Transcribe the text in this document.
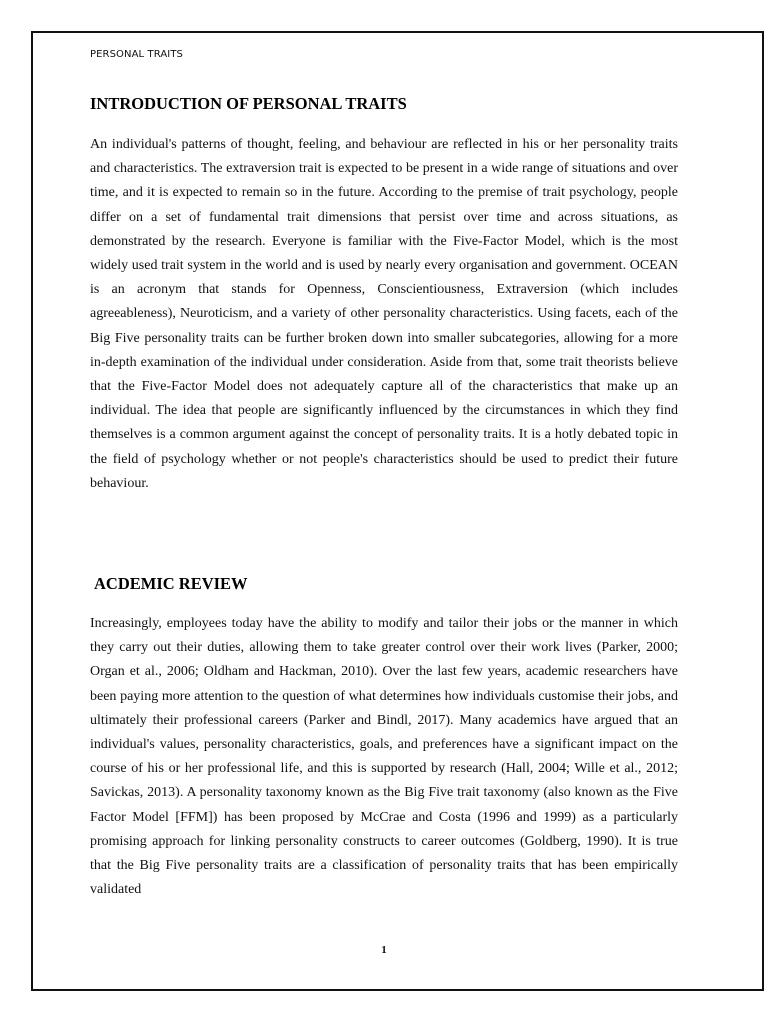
PERSONAL TRAITS
INTRODUCTION OF PERSONAL TRAITS

An individual's patterns of thought, feeling, and behaviour are reflected in his or her personality traits and characteristics. The extraversion trait is expected to be present in a wide range of situations and over time, and it is expected to remain so in the future. According to the premise of trait psychology, people differ on a set of fundamental trait dimensions that persist over time and across situations, as demonstrated by the research. Everyone is familiar with the Five-Factor Model, which is the most widely used trait system in the world and is used by nearly every organisation and government. OCEAN is an acronym that stands for Openness, Conscientiousness, Extraversion (which includes agreeableness), Neuroticism, and a variety of other personality characteristics. Using facets, each of the Big Five personality traits can be further broken down into smaller subcategories, allowing for a more in-depth examination of the individual under consideration. Aside from that, some trait theorists believe that the Five-Factor Model does not adequately capture all of the characteristics that make up an individual. The idea that people are significantly influenced by the circumstances in which they find themselves is a common argument against the concept of personality traits. It is a hotly debated topic in the field of psychology whether or not people's characteristics should be used to predict their future behaviour.

ACDEMIC REVIEW

Increasingly, employees today have the ability to modify and tailor their jobs or the manner in which they carry out their duties, allowing them to take greater control over their work lives (Parker, 2000; Organ et al., 2006; Oldham and Hackman, 2010). Over the last few years, academic researchers have been paying more attention to the question of what determines how individuals customise their jobs, and ultimately their professional careers (Parker and Bindl, 2017). Many academics have argued that an individual's values, personality characteristics, goals, and preferences have a significant impact on the course of his or her professional life, and this is supported by research (Hall, 2004; Wille et al., 2012; Savickas, 2013). A personality taxonomy known as the Big Five trait taxonomy (also known as the Five Factor Model [FFM]) has been proposed by McCrae and Costa (1996 and 1999) as a particularly promising approach for linking personality constructs to career outcomes (Goldberg, 1990). It is true that the Big Five personality traits are a classification of personality traits that has been empirically validated

1
